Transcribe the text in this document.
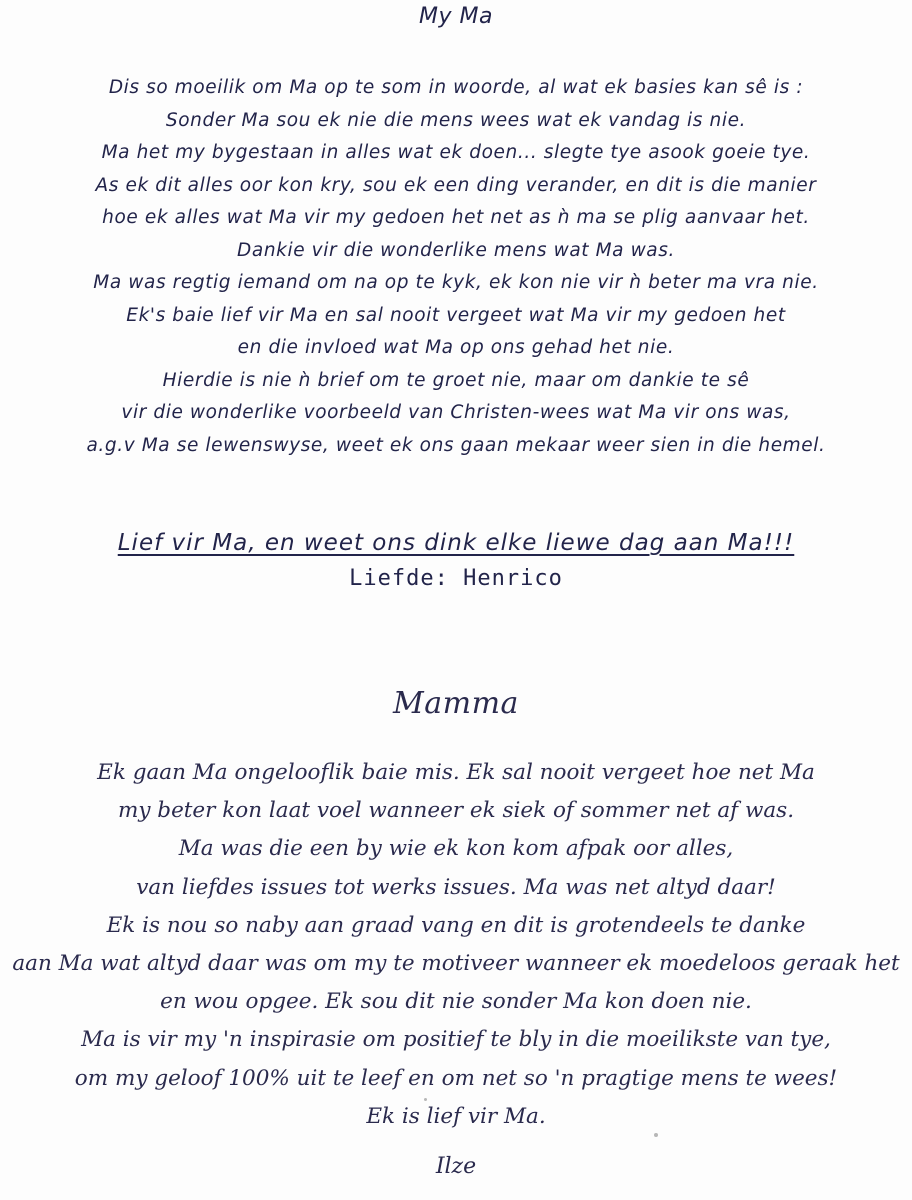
My Ma
Dis so moeilik om Ma op te som in woorde, al wat ek basies kan sê is :
Sonder Ma sou ek nie die mens wees wat ek vandag is nie.
Ma het my bygestaan in alles wat ek doen... slegte tye asook goeie tye.
As ek dit alles oor kon kry, sou ek een ding verander, en dit is die manier
hoe ek alles wat Ma vir my gedoen het net as ǹ ma se plig aanvaar het.
Dankie vir die wonderlike mens wat Ma was.
Ma was regtig iemand om na op te kyk, ek kon nie vir ǹ beter ma vra nie.
Ek's baie lief vir Ma en sal nooit vergeet wat Ma vir my gedoen het
en die invloed wat Ma op ons gehad het nie.
Hierdie is nie ǹ brief om te groet nie, maar om dankie te sê
vir die wonderlike voorbeeld van Christen-wees wat Ma vir ons was,
a.g.v Ma se lewenswyse, weet ek ons gaan mekaar weer sien in die hemel.
Lief vir Ma, en weet ons dink elke liewe dag aan Ma!!!
Liefde: Henrico
Mamma
Ek gaan Ma ongelooflik baie mis. Ek sal nooit vergeet hoe net Ma
my beter kon laat voel wanneer ek siek of sommer net af was.
Ma was die een by wie ek kon kom afpak oor alles,
van liefdes issues tot werks issues. Ma was net altyd daar!
Ek is nou so naby aan graad vang en dit is grotendeels te danke
aan Ma wat altyd daar was om my te motiveer wanneer ek moedeloos geraak het
en wou opgee. Ek sou dit nie sonder Ma kon doen nie.
Ma is vir my 'n inspirasie om positief te bly in die moeilikste van tye,
om my geloof 100% uit te leef en om net so 'n pragtige mens te wees!
Ek is lief vir Ma.
Ilze
